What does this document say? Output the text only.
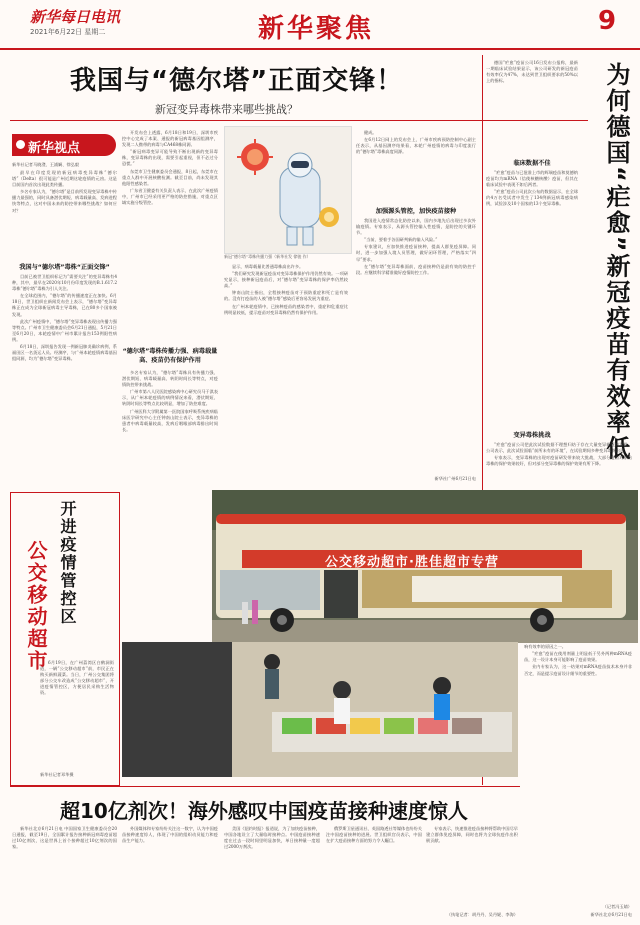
新华每日电讯
2021年6月22日 星期二	新华聚焦	9
我国与“德尔塔”正面交锋！
新冠变异毒株带来哪些挑战？
新华视点
新华社记者马晓澄、王浦娴、徐弘毅

最早在印度发现的新冠病毒变异毒株“德尔塔”（Delta）很可能是广州近期这轮疫情的元凶。这是目前国内首次出现此类传播。

多名专家认为，“德尔塔”是目前所发现变异毒株中传播力最强的，同时具备潜伏期短、病毒载量高、发病进程快等特点，这对中国未来的防控带来哪些挑战？如何应对？

我国与“德尔塔”毒株“正面交锋”

目前已被世卫组织标记为“需要关注”的变异毒株有4种，其中，最早在2020年10月份印度发现的B.1.617.2毒株“德尔塔”毒株为引人关注。

在全球范围内，“德尔塔”的传播速度正在加快。6月18日，世卫组织在新闻发布会上表示，“德尔塔”变异毒株正在成为全球新冠病毒主导毒株，已在80多个国家被发现。

此次广州疫情中，“德尔塔”变异毒株表现出传播力强等特点。广州市卫生健康委员会6月21日通报，5月21日至6月20日，本轮疫情中广州市累计报告153例阳性病例。

6月18日，深圳报告发现一例新冠肺炎确诊病例，系福田区一名货运人员。经测序，与广州本轮疫情病毒基因组同源，均为“德尔塔”变异毒株。

开发布会上透露，6月18日和19日，深圳市疾控中心完成了本案、通报的新冠病毒基因组测序，发现二人携带的病毒与CA468株同源。

“新冠病毒变异可能导致不断出现新的变异毒株，变异毒株的出现，需要引起重视，但不必过分恐慌。”

东莞市卫生健康委员会通报，8日起，东莞市在重点人群中开展核酸检测。截至目前，尚未发现其他阳性感染者。

广东省卫健委有关负责人表示，在此次广州疫情中，广州市已经采用更严格的防控措施，对重点区域实施分级管控。

“德尔塔”毒株传播力强、病毒载量高、疫苗仍有保护作用

多名专家认为，“德尔塔”毒株具有传播力强、潜伏期短、病毒载量高、转阴时间长等特点，对疫情防控带来挑战。

广州市第八人民医院感染病中心研究员马于淇表示，从广州本轮疫情的病例情况来看，潜伏期短、转阴时间长等特点比较明显，增加了防控难度。

广州医科大学附属第一医院国家呼吸系统疾病临床医学研究中心主任钟南山院士表示，变异毒株的患者中病毒载量较高，发病后咽喉部病毒排出时间长。

新冠“德尔塔”毒株传播力强（新华社发 徐骏 作）

显示，病毒载量比普通毒株高出许多。

“我们研究发现新冠疫苗对变异毒株保护作用仍然有效。一项研究显示，接种新冠疫苗后，对“德尔塔”变异毒株的保护率仍然较高。”

钟南山院士指出，全程接种疫苗对于预防重症和死亡是有效的。没有打疫苗的人被“德尔塔”感染后更容易发展为重症。

在广州本轮疫情中，已接种疫苗的感染者中，重症和危重症比例明显较低，提示疫苗对变异毒株仍然有保护作用。

健成。

在6月12日网上的发布会上，广州市疾病预防控制中心副主任表示，从基因测序结果看，本轮广州疫情的病毒与印度流行的“德尔塔”毒株高度同源。

加强源头管控，加快疫苗接种

我国进入疫情常态化防控以来，国内多地先后出现过多次外输疫情。专家表示，从源头管控输入性疫情，是防控的关键环节。

“当前，要着手各国研判新的输入风险。”

专家建议，应加快推进疫苗接种，提高人群免疫屏障。同时，进一步加强入境人员管理，做好闭环管理，严格落实“四早”要求。

在“德尔塔”变异毒株面前，疫苗接种仍是最有效的防控手段。应继续科学精准做好疫情防控工作。

新华社广州6月21日电

德国“疟愈”疫苗公司16日发布公报称，最新一期临床试验结果显示，该公司研发的新冠疫苗有效率仅为47%，未达到世卫组织要求的50%以上的指标。	为何德国“疟愈”新冠疫苗有效率低
临床数据不佳

“疟愈”疫苗与已批准上市的辉瑞疫苗和莫德纳疫苗均为mRNA（信使核糖核酸）疫苗，但其在临床试验中表现不如后两者。

“疟愈”疫苗公司此次公布的数据显示，在全球约4万名受试者中发生了134例新冠病毒感染病例，试验涉及10个国家的13个变异毒株。

变异毒株挑战

“疟愈”疫苗公司把此次试验数据不理想归结于存在大量变异新冠病毒株。公司表示，此次试验面临“前所未有的环境”，在试验期间多种变异毒株出现。

专家表示，变异毒株的出现对疫苗研发带来较大挑战，大部分疫苗对原始毒株的保护效果较好，但对部分变异毒株的保护效果有所下降。

响有效率的原因之一。

“疟愈”疫苗在使用剂量上明显低于另外两种mRNA疫苗，这一设计本身可能影响了疫苗效果。

业内专家认为，这一结果对mRNA疫苗技术本身并非否定，而是提示疫苗设计细节的重要性。

（记者冯玉婧）
新华社北京6月21日电
开进疫情管控区
公交移动超市 6月19日，在广州荔湾区白鹤洞街道，一辆“公交移动超市”前，市民正在购买新鲜蔬菜。当日，广州公交集团将部分公交车改造成“公交移动超市”，开进疫情管控区，方便居民采购生活物资。

新华社记者邓华摄
公交移动超市·胜佳超市专营
超10亿剂次！海外感叹中国疫苗接种速度惊人

新华社北京6月21日电 中国国家卫生健康委员会20日通报，截至19日，全国累计报告接种新冠病毒疫苗超过10亿剂次，这是世界上首个接种超过10亿剂次的国家。

外国媒体和专家纷纷关注这一数字，认为中国疫苗接种速度惊人，体现了中国的组织动员能力和疫苗生产能力。

美国《纽约时报》报道说，为了加快疫苗接种，中国各地设立了大量临时接种点。中国疫苗接种速度在过去一段时间里明显加快，单日接种量一度超过2000万剂次。

俄罗斯卫星通讯社、英国路透社等媒体也纷纷关注中国疫苗接种的进展。世卫组织官员表示，中国在扩大疫苗接种方面的努力令人瞩目。

专家表示，快速推进疫苗接种将帮助中国尽早建立群体免疫屏障，同时也将为全球抗疫作出积极贡献。

（执笔记者：胡丹丹、吴丹妮、李海）
